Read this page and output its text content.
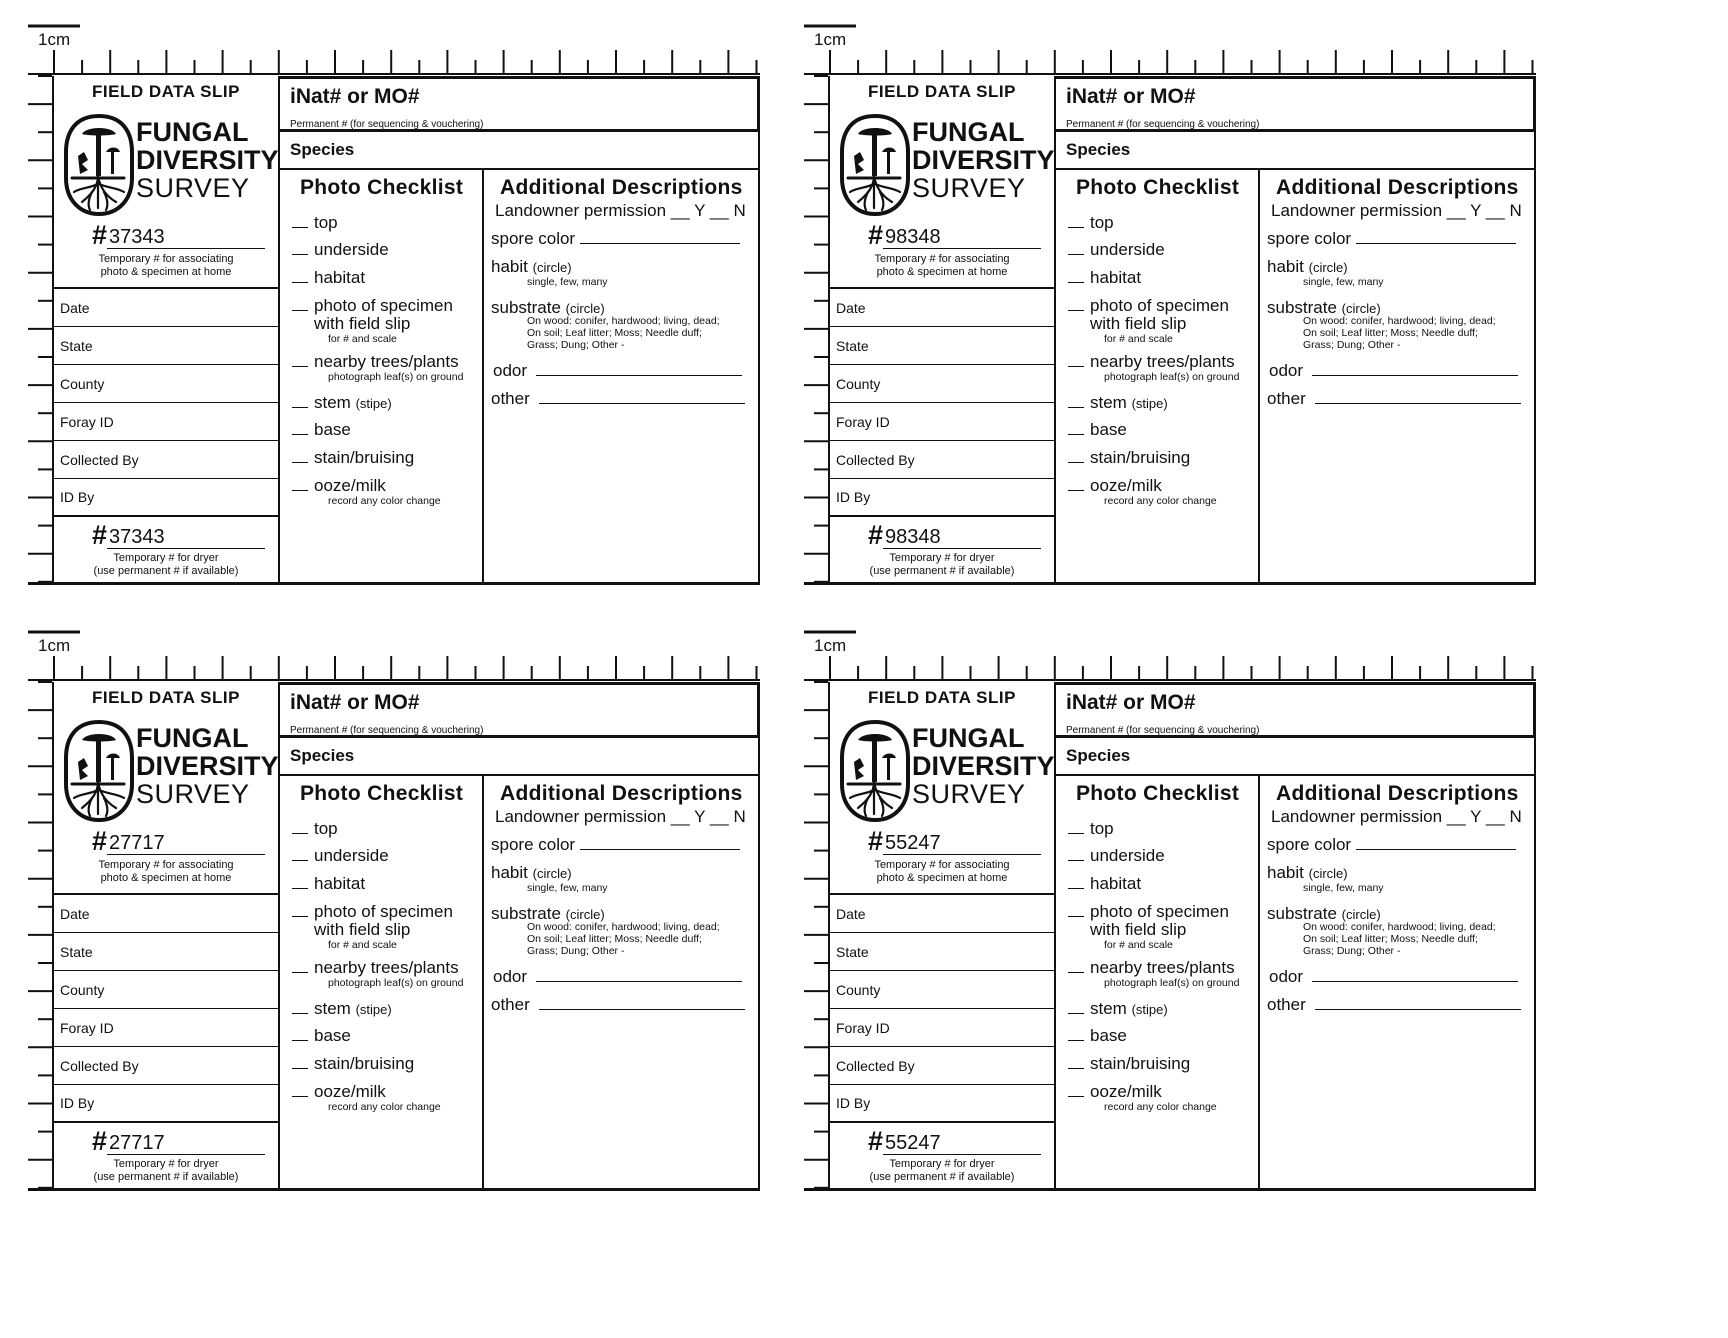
1cm
FIELD DATA SLIP
FUNGAL
DIVERSITY
SURVEY
# 37343
Temporary # for associating
photo & specimen at home
Date
State
County
Foray ID
Collected By
ID By
# 37343
Temporary # for dryer
(use permanent # if available)
iNat# or MO#
Permanent # (for sequencing & vouchering)
Species
Photo Checklist
top
underside
habitat
photo of specimen
with field slip
for # and scale
nearby trees/plants
photograph leaf(s) on ground
stem (stipe)
base
stain/bruising
ooze/milk
record any color change
Additional Descriptions
Landowner permission __ Y __ N
spore color
habit (circle)
single, few, many
substrate (circle)
On wood: conifer, hardwood; living, dead;
On soil; Leaf litter; Moss; Needle duff;
Grass; Dung; Other -
odor
other
1cm
FIELD DATA SLIP
FUNGAL
DIVERSITY
SURVEY
# 98348
Temporary # for associating
photo & specimen at home
Date
State
County
Foray ID
Collected By
ID By
# 98348
Temporary # for dryer
(use permanent # if available)
iNat# or MO#
Permanent # (for sequencing & vouchering)
Species
Photo Checklist
top
underside
habitat
photo of specimen
with field slip
for # and scale
nearby trees/plants
photograph leaf(s) on ground
stem (stipe)
base
stain/bruising
ooze/milk
record any color change
Additional Descriptions
Landowner permission __ Y __ N
spore color
habit (circle)
single, few, many
substrate (circle)
On wood: conifer, hardwood; living, dead;
On soil; Leaf litter; Moss; Needle duff;
Grass; Dung; Other -
odor
other
1cm
FIELD DATA SLIP
FUNGAL
DIVERSITY
SURVEY
# 27717
Temporary # for associating
photo & specimen at home
Date
State
County
Foray ID
Collected By
ID By
# 27717
Temporary # for dryer
(use permanent # if available)
iNat# or MO#
Permanent # (for sequencing & vouchering)
Species
Photo Checklist
top
underside
habitat
photo of specimen
with field slip
for # and scale
nearby trees/plants
photograph leaf(s) on ground
stem (stipe)
base
stain/bruising
ooze/milk
record any color change
Additional Descriptions
Landowner permission __ Y __ N
spore color
habit (circle)
single, few, many
substrate (circle)
On wood: conifer, hardwood; living, dead;
On soil; Leaf litter; Moss; Needle duff;
Grass; Dung; Other -
odor
other
1cm
FIELD DATA SLIP
FUNGAL
DIVERSITY
SURVEY
# 55247
Temporary # for associating
photo & specimen at home
Date
State
County
Foray ID
Collected By
ID By
# 55247
Temporary # for dryer
(use permanent # if available)
iNat# or MO#
Permanent # (for sequencing & vouchering)
Species
Photo Checklist
top
underside
habitat
photo of specimen
with field slip
for # and scale
nearby trees/plants
photograph leaf(s) on ground
stem (stipe)
base
stain/bruising
ooze/milk
record any color change
Additional Descriptions
Landowner permission __ Y __ N
spore color
habit (circle)
single, few, many
substrate (circle)
On wood: conifer, hardwood; living, dead;
On soil; Leaf litter; Moss; Needle duff;
Grass; Dung; Other -
odor
other
